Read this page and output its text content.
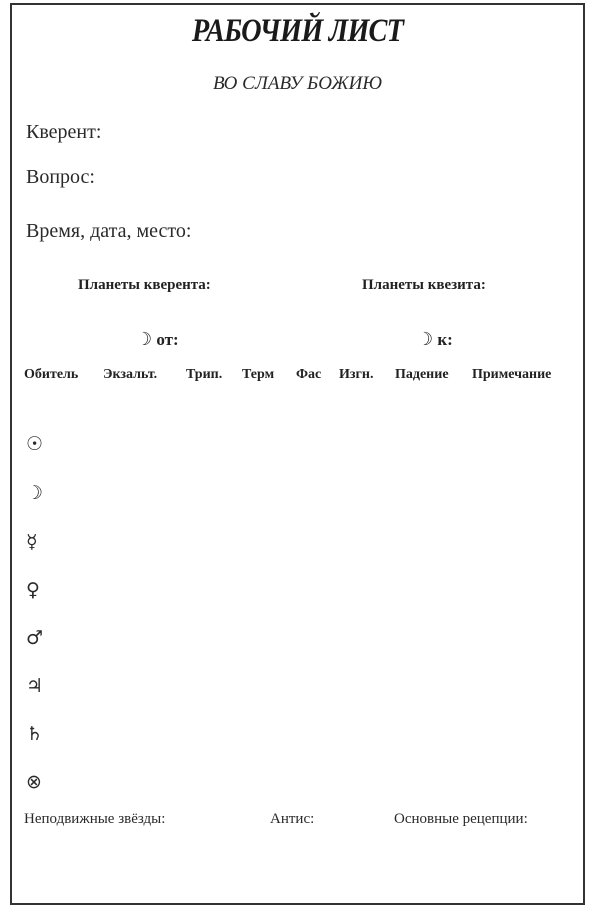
РАБОЧИЙ ЛИСТ
ВО СЛАВУ БОЖИЮ
Кверент:
Вопрос:
Время, дата, место:
Планеты кверента:	Планеты квезита:
☽ от:	☽ к:
Обитель Экзальт. Трип. Терм Фас Изгн. Падение Примечание
☉
☽
☿
♀
♂
♃
♄
⊗
Неподвижные звёзды:	Антис:	Основные рецепции:
